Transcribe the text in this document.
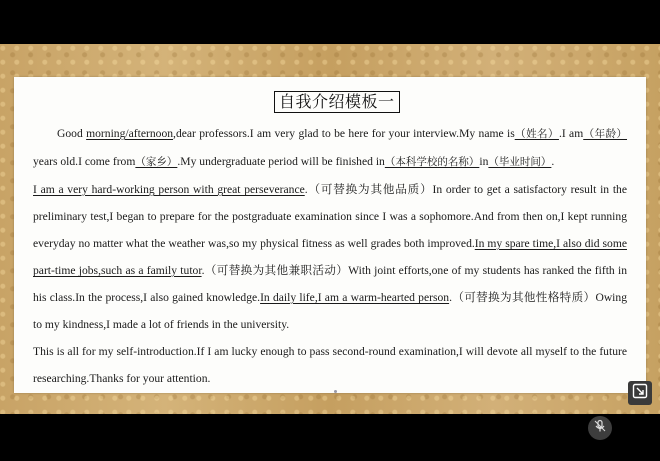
自我介绍模板一

Good morning/afternoon,dear professors.I am very glad to be here for your interview.My name is（姓名）.I am（年龄） years old.I come from（家乡）.My undergraduate period will be finished in（本科学校的名称）in（毕业时间）.

I am a very hard-working person with great perseverance.（可替换为其他品质）In order to get a satisfactory result in the preliminary test,I began to prepare for the postgraduate examination since I was a sophomore.And from then on,I kept running everyday no matter what the weather was,so my physical fitness as well grades both improved.In my spare time,I also did some part-time jobs,such as a family tutor.（可替换为其他兼职活动）With joint efforts,one of my students has ranked the fifth in his class.In the process,I also gained knowledge.In daily life,I am a warm-hearted person.（可替换为其他性格特质）Owing to my kindness,I made a lot of friends in the university.

This is all for my self-introduction.If I am lucky enough to pass second-round examination,I will devote all myself to the future researching.Thanks for your attention.
